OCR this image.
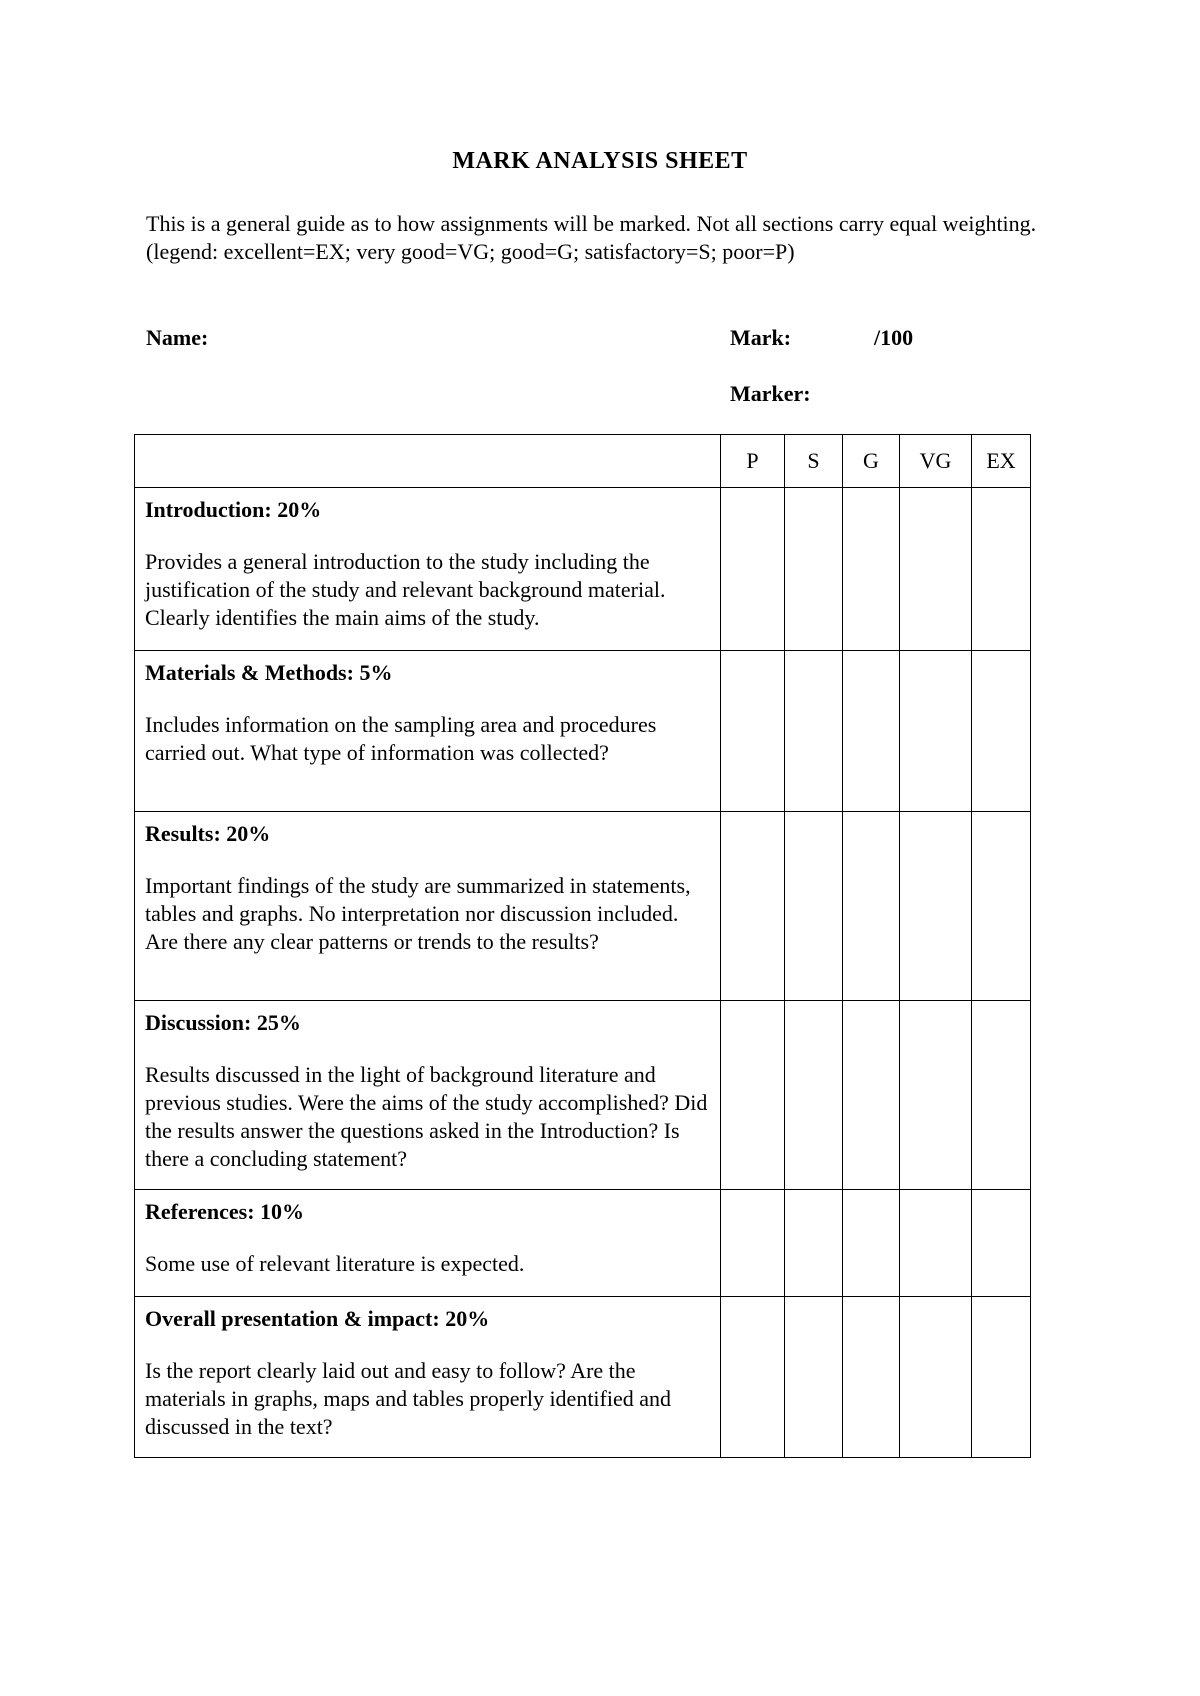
MARK ANALYSIS SHEET
This is a general guide as to how assignments will be marked. Not all sections carry equal weighting. (legend: excellent=EX; very good=VG; good=G; satisfactory=S; poor=P)
Name:	Mark:	/100
Marker:
	P	S	G	VG	EX

Introduction: 20%
Provides a general introduction to the study including the justification of the study and relevant background material. Clearly identifies the main aims of the study.					

Materials & Methods: 5%
Includes information on the sampling area and procedures carried out. What type of information was collected?					

Results: 20%
Important findings of the study are summarized in statements, tables and graphs. No interpretation nor discussion included. Are there any clear patterns or trends to the results?					

Discussion: 25%
Results discussed in the light of background literature and previous studies. Were the aims of the study accomplished? Did the results answer the questions asked in the Introduction? Is there a concluding statement?					

References: 10%
Some use of relevant literature is expected.					

Overall presentation & impact: 20%
Is the report clearly laid out and easy to follow? Are the materials in graphs, maps and tables properly identified and discussed in the text?					
